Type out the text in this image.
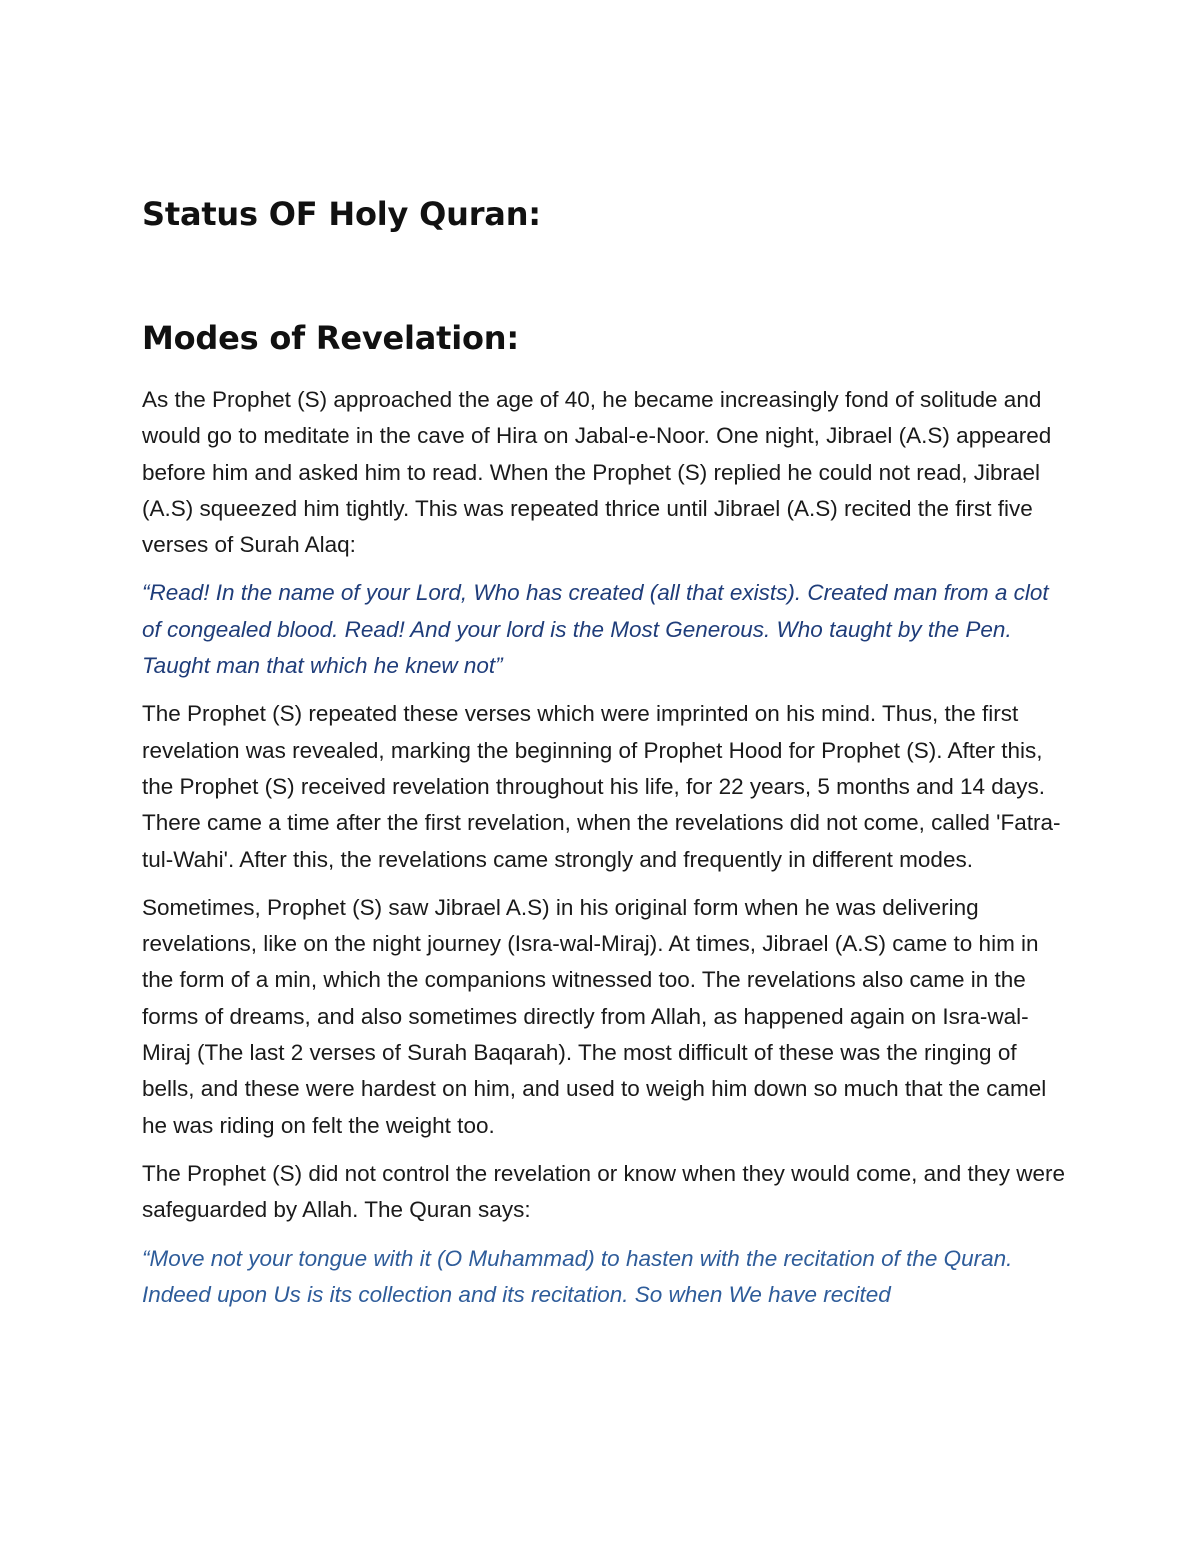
Status OF Holy Quran:
Modes of Revelation:

As the Prophet (S) approached the age of 40, he became increasingly fond of solitude and would go to meditate in the cave of Hira on Jabal-e-Noor. One night, Jibrael (A.S) appeared before him and asked him to read. When the Prophet (S) replied he could not read, Jibrael (A.S) squeezed him tightly. This was repeated thrice until Jibrael (A.S) recited the first five verses of Surah Alaq:

“Read! In the name of your Lord, Who has created (all that exists). Created man from a clot of congealed blood. Read! And your lord is the Most Generous. Who taught by the Pen. Taught man that which he knew not”

The Prophet (S) repeated these verses which were imprinted on his mind. Thus, the first revelation was revealed, marking the beginning of Prophet Hood for Prophet (S). After this, the Prophet (S) received revelation throughout his life, for 22 years, 5 months and 14 days. There came a time after the first revelation, when the revelations did not come, called 'Fatra-tul-Wahi'. After this, the revelations came strongly and frequently in different modes.

Sometimes, Prophet (S) saw Jibrael A.S) in his original form when he was delivering revelations, like on the night journey (Isra-wal-Miraj). At times, Jibrael (A.S) came to him in the form of a min, which the companions witnessed too. The revelations also came in the forms of dreams, and also sometimes directly from Allah, as happened again on Isra-wal-Miraj (The last 2 verses of Surah Baqarah). The most difficult of these was the ringing of bells, and these were hardest on him, and used to weigh him down so much that the camel he was riding on felt the weight too.

The Prophet (S) did not control the revelation or know when they would come, and they were safeguarded by Allah. The Quran says:

“Move not your tongue with it (O Muhammad) to hasten with the recitation of the Quran. Indeed upon Us is its collection and its recitation. So when We have recited
